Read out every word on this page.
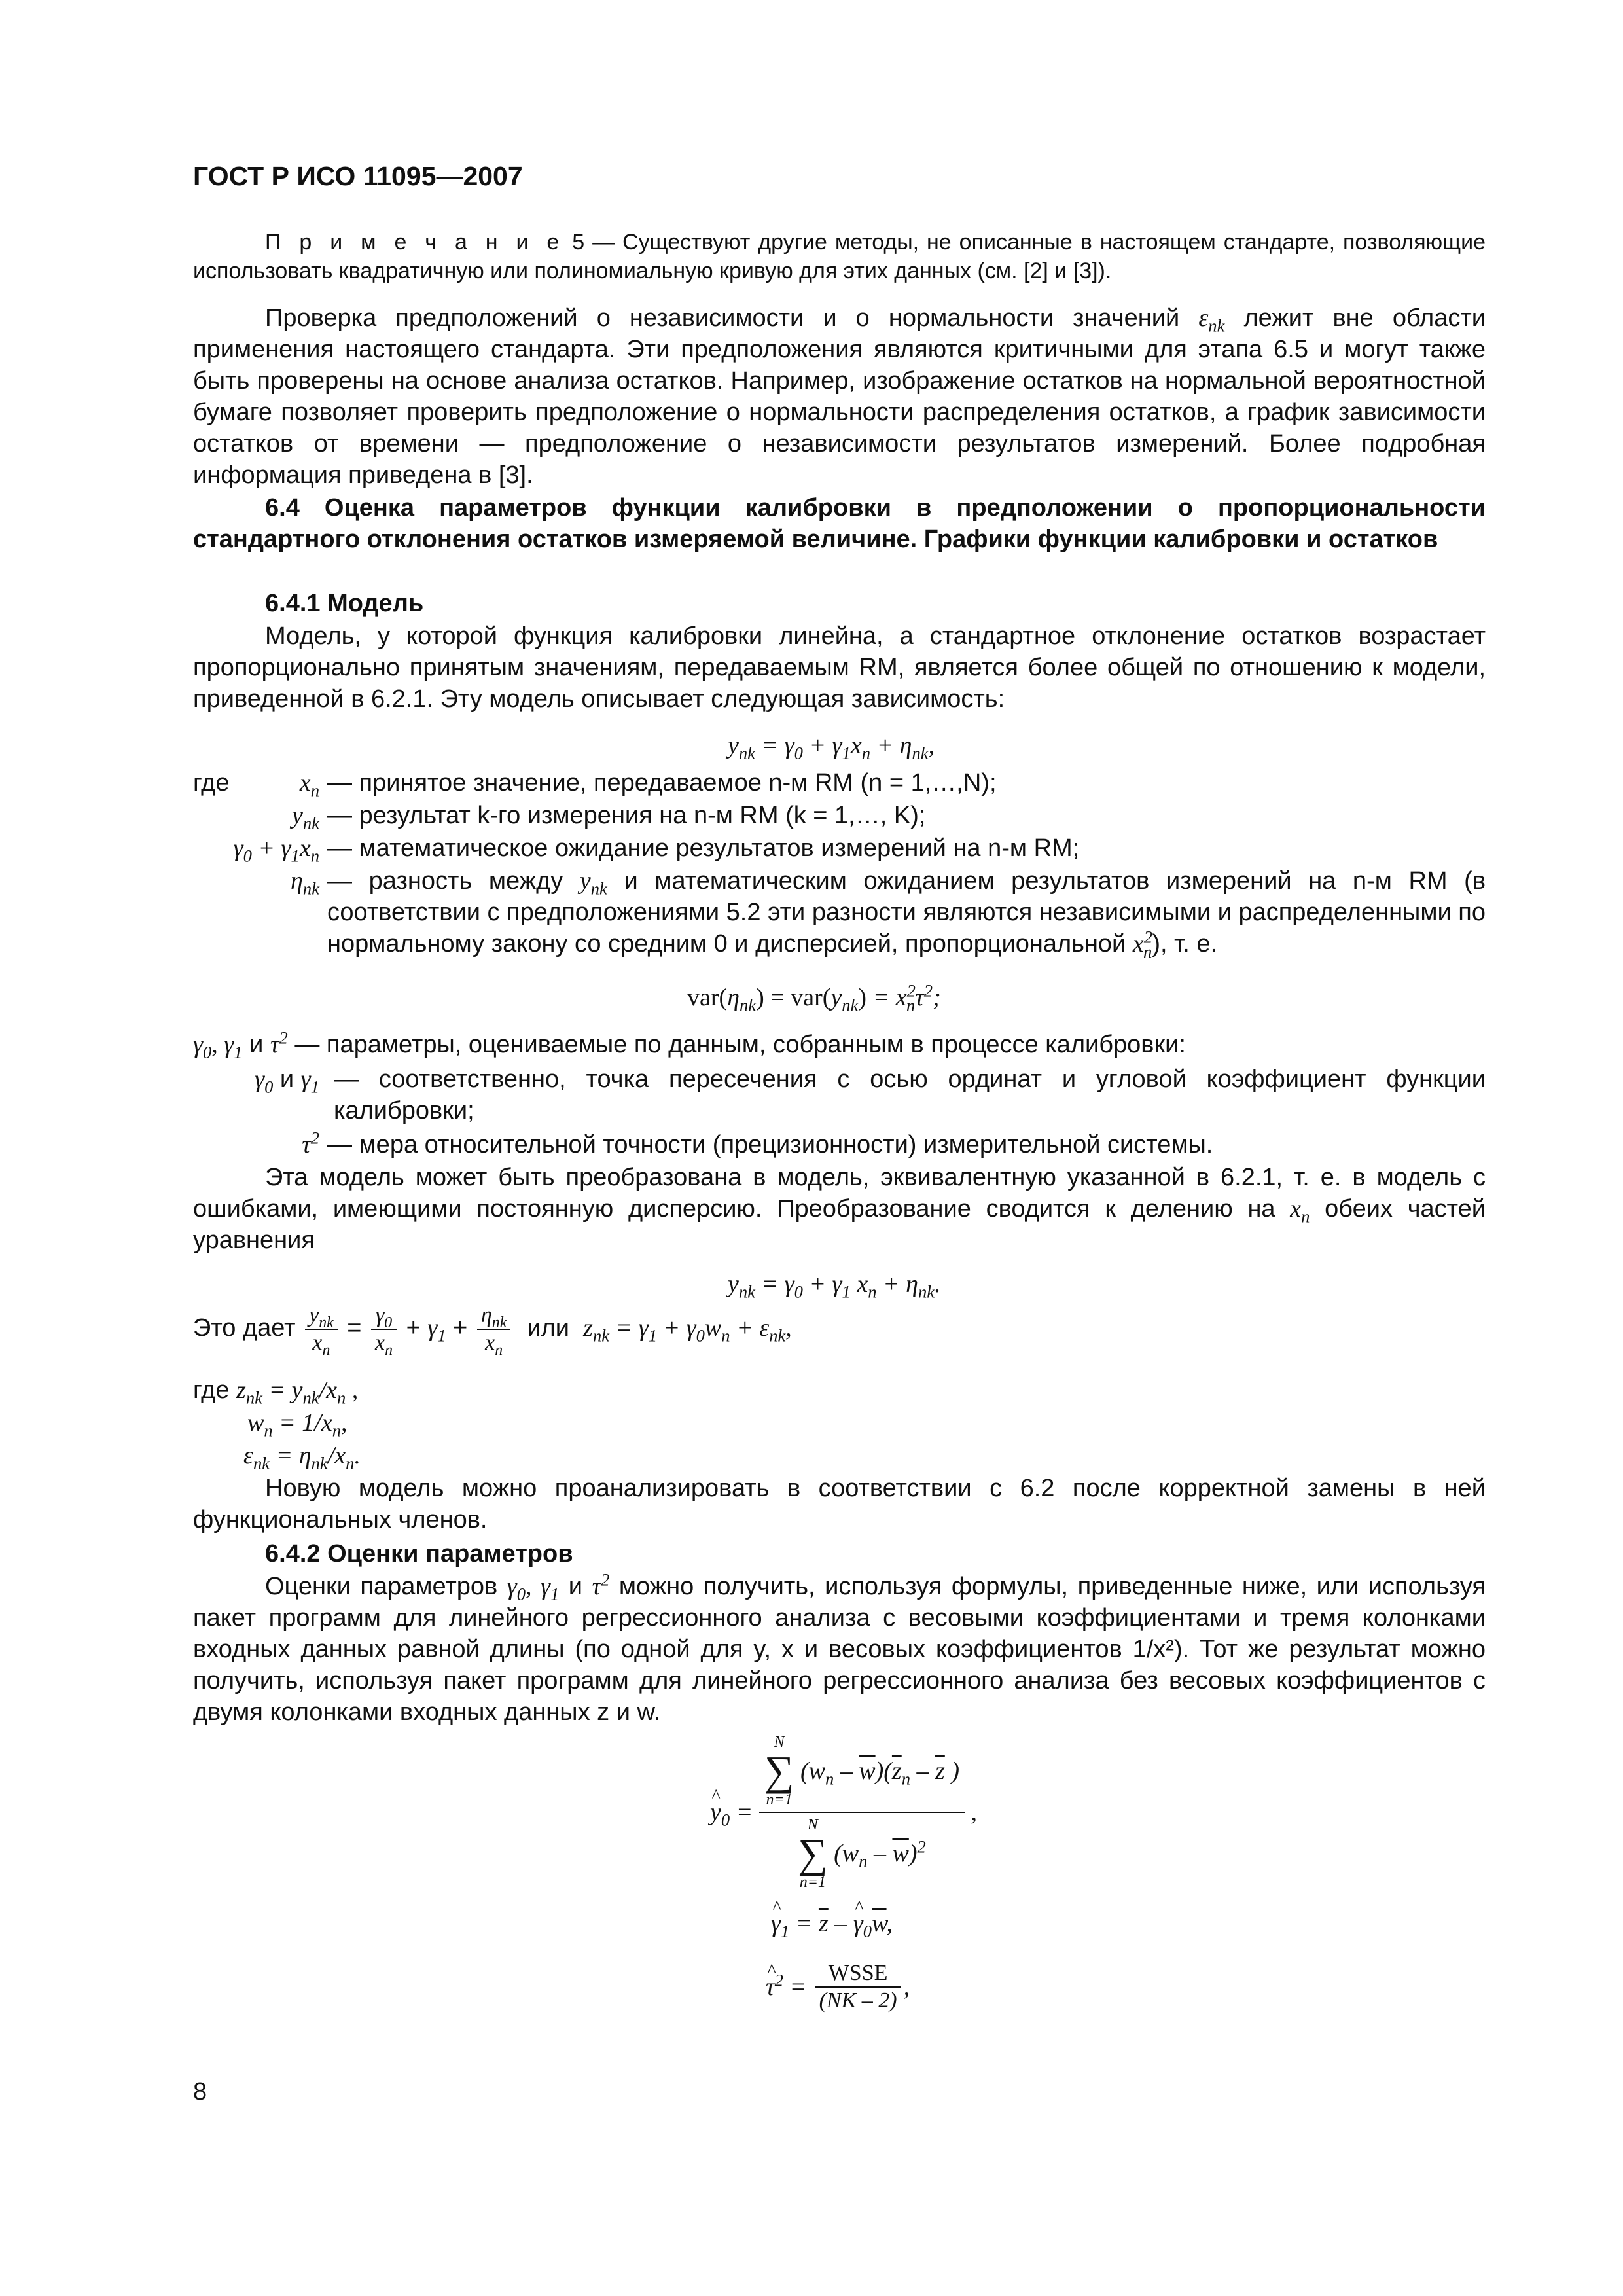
ГОСТ Р ИСО 11095—2007
П р и м е ч а н и е 5 — Существуют другие методы, не описанные в настоящем стандарте, позволяющие использовать квадратичную или полиномиальную кривую для этих данных (см. [2] и [3]).
Проверка предположений о независимости и о нормальности значений $\varepsilon_{nk}$ лежит вне области применения настоящего стандарта. Эти предположения являются критичными для этапа 6.5 и могут также быть проверены на основе анализа остатков. Например, изображение остатков на нормальной вероятностной бумаге позволяет проверить предположение о нормальности распределения остатков, а график зависимости остатков от времени — предположение о независимости результатов измерений. Более подробная информация приведена в [3].
6.4 Оценка параметров функции калибровки в предположении о пропорциональности стандартного отклонения остатков измеряемой величине. Графики функции калибровки и остатков
6.4.1 Модель
Модель, у которой функция калибровки линейна, а стандартное отклонение остатков возрастает пропорционально принятым значениям, передаваемым RM, является более общей по отношению к модели, приведенной в 6.2.1. Эту модель описывает следующая зависимость:
$y_{nk} = \gamma_0 + \gamma_1x_n + \eta_{nk}$,
где	$x_n$ — принятое значение, передаваемое n-м RM (n = 1,…,N);
$y_{nk}$ — результат k-го измерения на n-м RM (k = 1,…, K);
$\gamma_0 + \gamma_1x_n$ — математическое ожидание результатов измерений на n-м RM;
$\eta_{nk}$ — разность между $y_{nk}$ и математическим ожиданием результатов измерений на n-м RM (в соответствии с предположениями 5.2 эти разности являются независимыми и распределенными по нормальному закону со средним 0 и дисперсией, пропорциональной $x^2_n$), т. е.
$var(\eta_{nk}) = var(y_{nk}) = x^2_n\tau^2$;
$\gamma_0$, $\gamma_1$ и $\tau^2$ — параметры, оцениваемые по данным, собранным в процессе калибровки:
$\gamma_0$ и $\gamma_1$ — соответственно, точка пересечения с осью ординат и угловой коэффициент функции калибровки;
$\tau^2$ — мера относительной точности (прецизионности) измерительной системы.
Эта модель может быть преобразована в модель, эквивалентную указанной в 6.2.1, т. е. в модель с ошибками, имеющими постоянную дисперсию. Преобразование сводится к делению на $x_n$ обеих частей уравнения
$y_{nk} = \gamma_0 + \gamma_1$ $x_n + \eta_{nk}$.
Это дает $\frac{y_{nk}}{x_n} = \frac{\gamma_0}{x_n} + \gamma_1 + \frac{\eta_{nk}}{x_n}$ или $z_{nk} = \gamma_1 + \gamma_0w_n + \varepsilon_{nk}$,
где $z_{nk} = y_{nk}/x_n$ ,
$w_n = 1/x_n$,
$\varepsilon_{nk} = \eta_{nk}/x_n$.
Новую модель можно проанализировать в соответствии с 6.2 после корректной замены в ней функциональных членов.
6.4.2 Оценки параметров
Оценки параметров $\gamma_0$, $\gamma_1$ и $\tau^2$ можно получить, используя формулы, приведенные ниже, или используя пакет программ для линейного регрессионного анализа с весовыми коэффициентами и тремя колонками входных данных равной длины (по одной для y, x и весовых коэффициентов 1/x²). Тот же результат можно получить, используя пакет программ для линейного регрессионного анализа без весовых коэффициентов с двумя колонками входных данных z и w.
^ $y_0$ =
N
∑
n=1
$(w_n - \overline{w})(\overline{z}_n - \overline{z}$ )
N
∑
n=1
$(w_n - \overline{w})^2$
,
^ $\gamma_1 = \overline{z}$ – ^ $\gamma_0\overline{w}$,
^ $\tau^2 = \frac{\text{WSSE}}{(NK - 2)}$ ,
8
